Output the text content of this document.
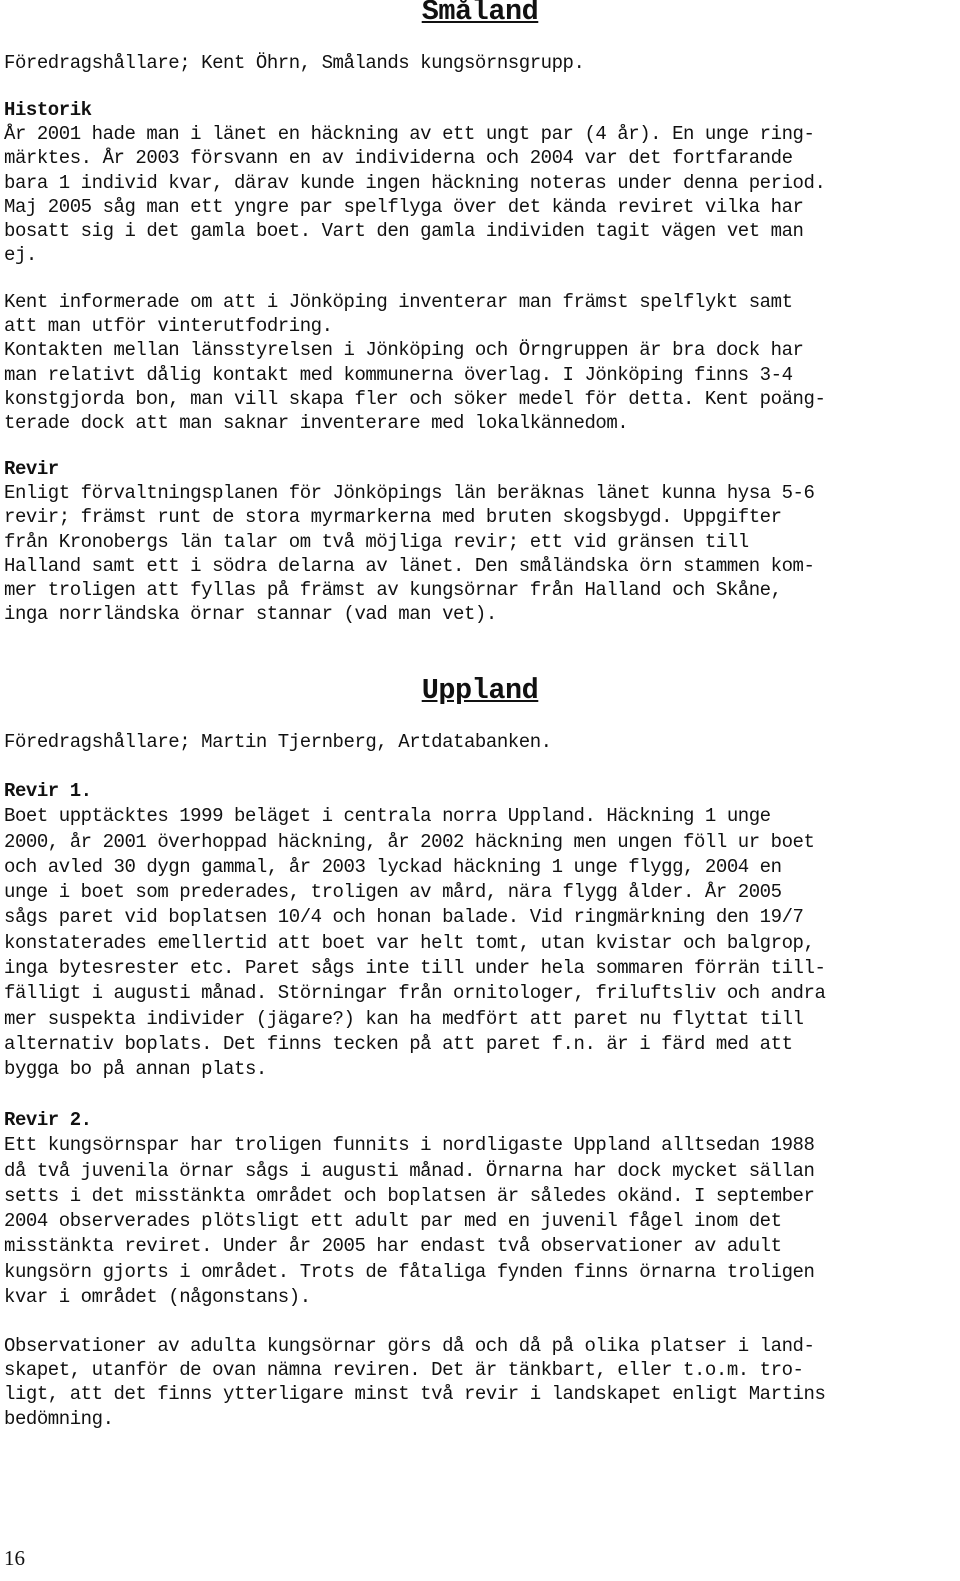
Småland

Föredragshållare; Kent Öhrn, Smålands kungsörnsgrupp.

Historik
År 2001 hade man i länet en häckning av ett ungt par (4 år). En unge ring-
märktes. År 2003 försvann en av individerna och 2004 var det fortfarande
bara 1 individ kvar, därav kunde ingen häckning noteras under denna period.
Maj 2005 såg man ett yngre par spelflyga över det kända reviret vilka har
bosatt sig i det gamla boet. Vart den gamla individen tagit vägen vet man
ej.
Kent informerade om att i Jönköping inventerar man främst spelflykt samt
att man utför vinterutfodring.
Kontakten mellan länsstyrelsen i Jönköping och Örngruppen är bra dock har
man relativt dålig kontakt med kommunerna överlag. I Jönköping finns 3-4
konstgjorda bon, man vill skapa fler och söker medel för detta. Kent poäng-
terade dock att man saknar inventerare med lokalkännedom.
Revir
Enligt förvaltningsplanen för Jönköpings län beräknas länet kunna hysa 5-6
revir; främst runt de stora myrmarkerna med bruten skogsbygd. Uppgifter
från Kronobergs län talar om två möjliga revir; ett vid gränsen till
Halland samt ett i södra delarna av länet. Den småländska örn stammen kom-
mer troligen att fyllas på främst av kungsörnar från Halland och Skåne,
inga norrländska örnar stannar (vad man vet).
Uppland

Föredragshållare; Martin Tjernberg, Artdatabanken.

Revir 1.
Boet upptäcktes 1999 beläget i centrala norra Uppland. Häckning 1 unge
2000, år 2001 överhoppad häckning, år 2002 häckning men ungen föll ur boet
och avled 30 dygn gammal, år 2003 lyckad häckning 1 unge flygg, 2004 en
unge i boet som prederades, troligen av mård, nära flygg ålder. År 2005
sågs paret vid boplatsen 10/4 och honan balade. Vid ringmärkning den 19/7
konstaterades emellertid att boet var helt tomt, utan kvistar och balgrop,
inga bytesrester etc. Paret sågs inte till under hela sommaren förrän till-
fälligt i augusti månad. Störningar från ornitologer, friluftsliv och andra
mer suspekta individer (jägare?) kan ha medfört att paret nu flyttat till
alternativ boplats. Det finns tecken på att paret f.n. är i färd med att
bygga bo på annan plats.
Revir 2.
Ett kungsörnspar har troligen funnits i nordligaste Uppland alltsedan 1988
då två juvenila örnar sågs i augusti månad. Örnarna har dock mycket sällan
setts i det misstänkta området och boplatsen är således okänd. I september
2004 observerades plötsligt ett adult par med en juvenil fågel inom det
misstänkta reviret. Under år 2005 har endast två observationer av adult
kungsörn gjorts i området. Trots de fåtaliga fynden finns örnarna troligen
kvar i området (någonstans).
Observationer av adulta kungsörnar görs då och då på olika platser i land-
skapet, utanför de ovan nämna reviren. Det är tänkbart, eller t.o.m. tro-
ligt, att det finns ytterligare minst två revir i landskapet enligt Martins
bedömning.

16
